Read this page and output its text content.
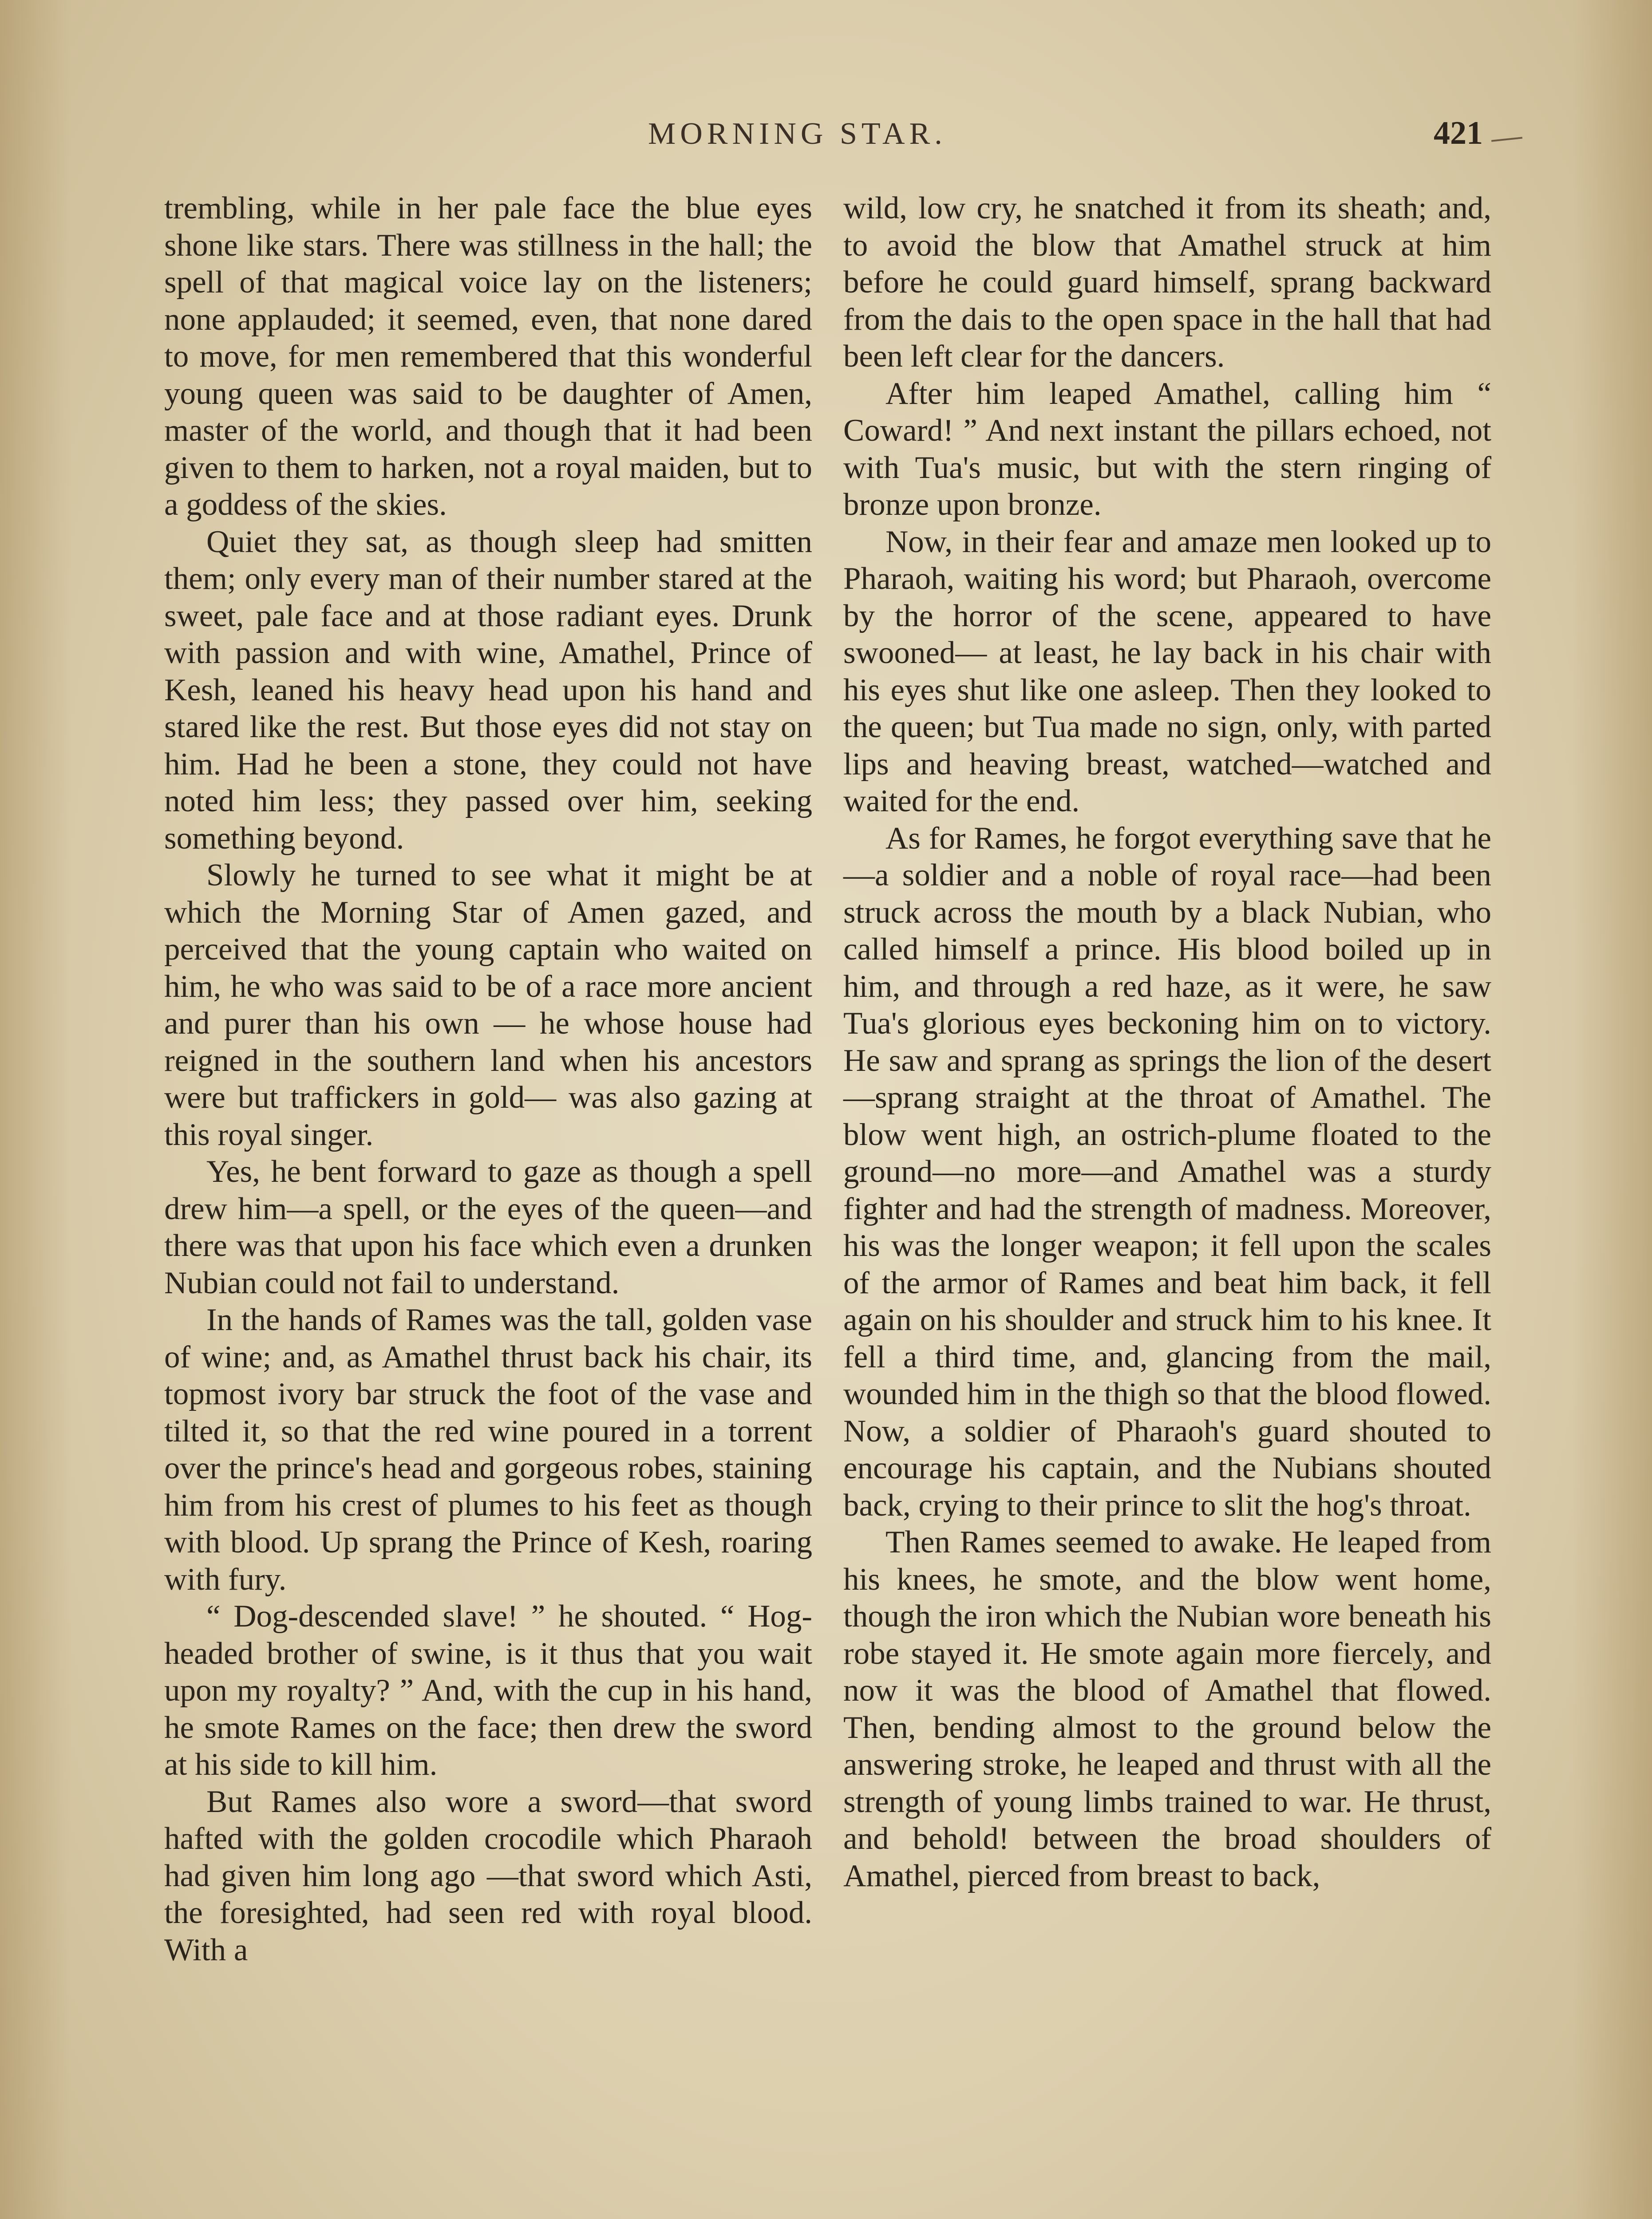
MORNING STAR.	421

trembling, while in her pale face the blue eyes shone like stars. There was stillness in the hall; the spell of that magical voice lay on the listeners; none applauded; it seemed, even, that none dared to move, for men remembered that this wonderful young queen was said to be daughter of Amen, master of the world, and though that it had been given to them to harken, not a royal maiden, but to a goddess of the skies.

Quiet they sat, as though sleep had smitten them; only every man of their number stared at the sweet, pale face and at those radiant eyes. Drunk with passion and with wine, Amathel, Prince of Kesh, leaned his heavy head upon his hand and stared like the rest. But those eyes did not stay on him. Had he been a stone, they could not have noted him less; they passed over him, seeking something beyond.

Slowly he turned to see what it might be at which the Morning Star of Amen gazed, and perceived that the young captain who waited on him, he who was said to be of a race more ancient and purer than his own — he whose house had reigned in the southern land when his ancestors were but traffickers in gold— was also gazing at this royal singer.

Yes, he bent forward to gaze as though a spell drew him—a spell, or the eyes of the queen—and there was that upon his face which even a drunken Nubian could not fail to understand.

In the hands of Rames was the tall, golden vase of wine; and, as Amathel thrust back his chair, its topmost ivory bar struck the foot of the vase and tilted it, so that the red wine poured in a torrent over the prince's head and gorgeous robes, staining him from his crest of plumes to his feet as though with blood. Up sprang the Prince of Kesh, roaring with fury.

“ Dog-descended slave! ” he shouted. “ Hog-headed brother of swine, is it thus that you wait upon my royalty? ” And, with the cup in his hand, he smote Rames on the face; then drew the sword at his side to kill him.

But Rames also wore a sword—that sword hafted with the golden crocodile which Pharaoh had given him long ago —that sword which Asti, the foresighted, had seen red with royal blood. With a

wild, low cry, he snatched it from its sheath; and, to avoid the blow that Amathel struck at him before he could guard himself, sprang backward from the dais to the open space in the hall that had been left clear for the dancers.

After him leaped Amathel, calling him “ Coward! ” And next instant the pillars echoed, not with Tua's music, but with the stern ringing of bronze upon bronze.

Now, in their fear and amaze men looked up to Pharaoh, waiting his word; but Pharaoh, overcome by the horror of the scene, appeared to have swooned— at least, he lay back in his chair with his eyes shut like one asleep. Then they looked to the queen; but Tua made no sign, only, with parted lips and heaving breast, watched—watched and waited for the end.

As for Rames, he forgot everything save that he—a soldier and a noble of royal race—had been struck across the mouth by a black Nubian, who called himself a prince. His blood boiled up in him, and through a red haze, as it were, he saw Tua's glorious eyes beckoning him on to victory. He saw and sprang as springs the lion of the desert—sprang straight at the throat of Amathel. The blow went high, an ostrich-plume floated to the ground—no more—and Amathel was a sturdy fighter and had the strength of madness. Moreover, his was the longer weapon; it fell upon the scales of the armor of Rames and beat him back, it fell again on his shoulder and struck him to his knee. It fell a third time, and, glancing from the mail, wounded him in the thigh so that the blood flowed. Now, a soldier of Pharaoh's guard shouted to encourage his captain, and the Nubians shouted back, crying to their prince to slit the hog's throat.

Then Rames seemed to awake. He leaped from his knees, he smote, and the blow went home, though the iron which the Nubian wore beneath his robe stayed it. He smote again more fiercely, and now it was the blood of Amathel that flowed. Then, bending almost to the ground below the answering stroke, he leaped and thrust with all the strength of young limbs trained to war. He thrust, and behold! between the broad shoulders of Amathel, pierced from breast to back,
